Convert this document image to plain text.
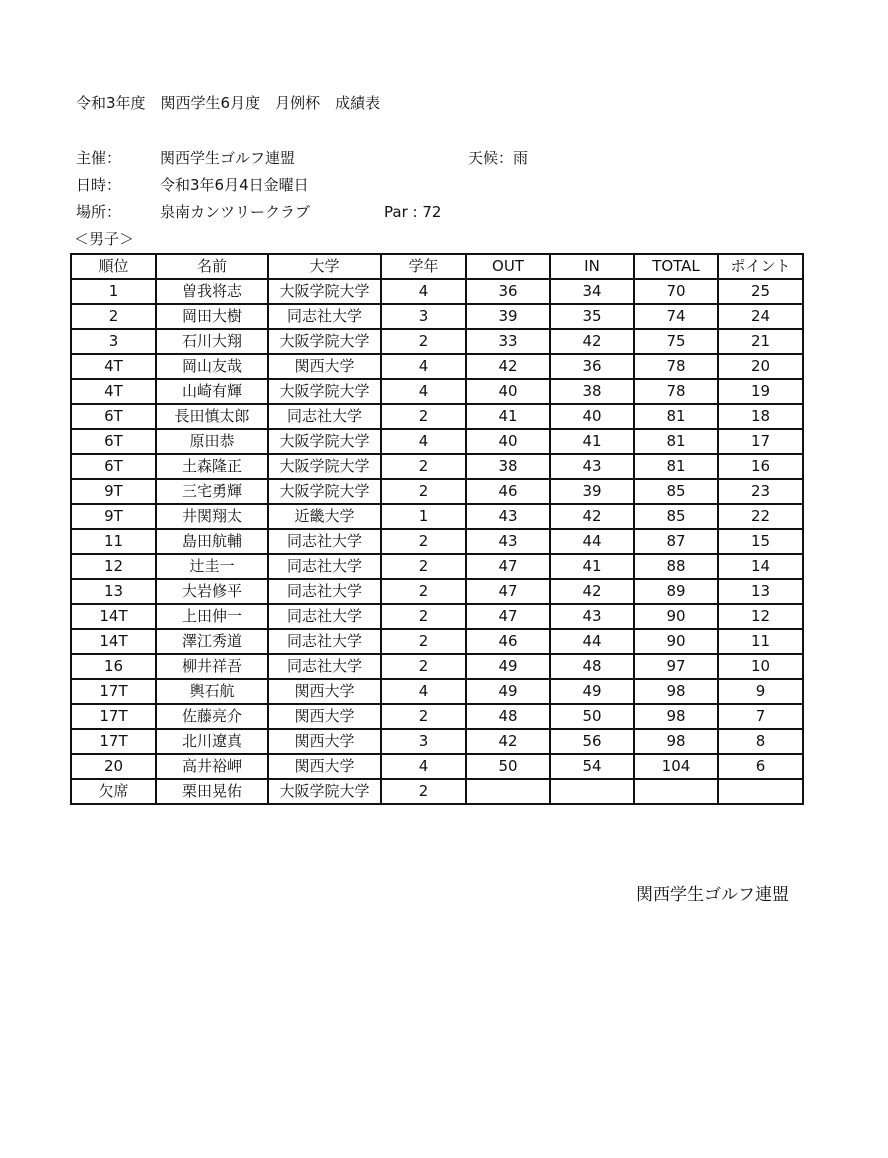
令和3年度　関西学生6月度　月例杯　成績表
主催：	関西学生ゴルフ連盟	天候：雨
日時：	令和3年6月4日金曜日
場所：	泉南カンツリークラブ	Par : 72
＜男子＞
順位	名前	大学	学年	OUT	IN	TOTAL	ポイント
1	曽我将志	大阪学院大学	4	36	34	70	25
2	岡田大樹	同志社大学	3	39	35	74	24
3	石川大翔	大阪学院大学	2	33	42	75	21
4T	岡山友哉	関西大学	4	42	36	78	20
4T	山崎有輝	大阪学院大学	4	40	38	78	19
6T	長田慎太郎	同志社大学	2	41	40	81	18
6T	原田恭	大阪学院大学	4	40	41	81	17
6T	土森隆正	大阪学院大学	2	38	43	81	16
9T	三宅勇輝	大阪学院大学	2	46	39	85	23
9T	井関翔太	近畿大学	1	43	42	85	22
11	島田航輔	同志社大学	2	43	44	87	15
12	辻圭一	同志社大学	2	47	41	88	14
13	大岩修平	同志社大学	2	47	42	89	13
14T	上田伸一	同志社大学	2	47	43	90	12
14T	澤江秀道	同志社大学	2	46	44	90	11
16	柳井祥吾	同志社大学	2	49	48	97	10
17T	輿石航	関西大学	4	49	49	98	9
17T	佐藤亮介	関西大学	2	48	50	98	7
17T	北川遼真	関西大学	3	42	56	98	8
20	高井裕岬	関西大学	4	50	54	104	6
欠席	栗田晃佑	大阪学院大学	2				
関西学生ゴルフ連盟
